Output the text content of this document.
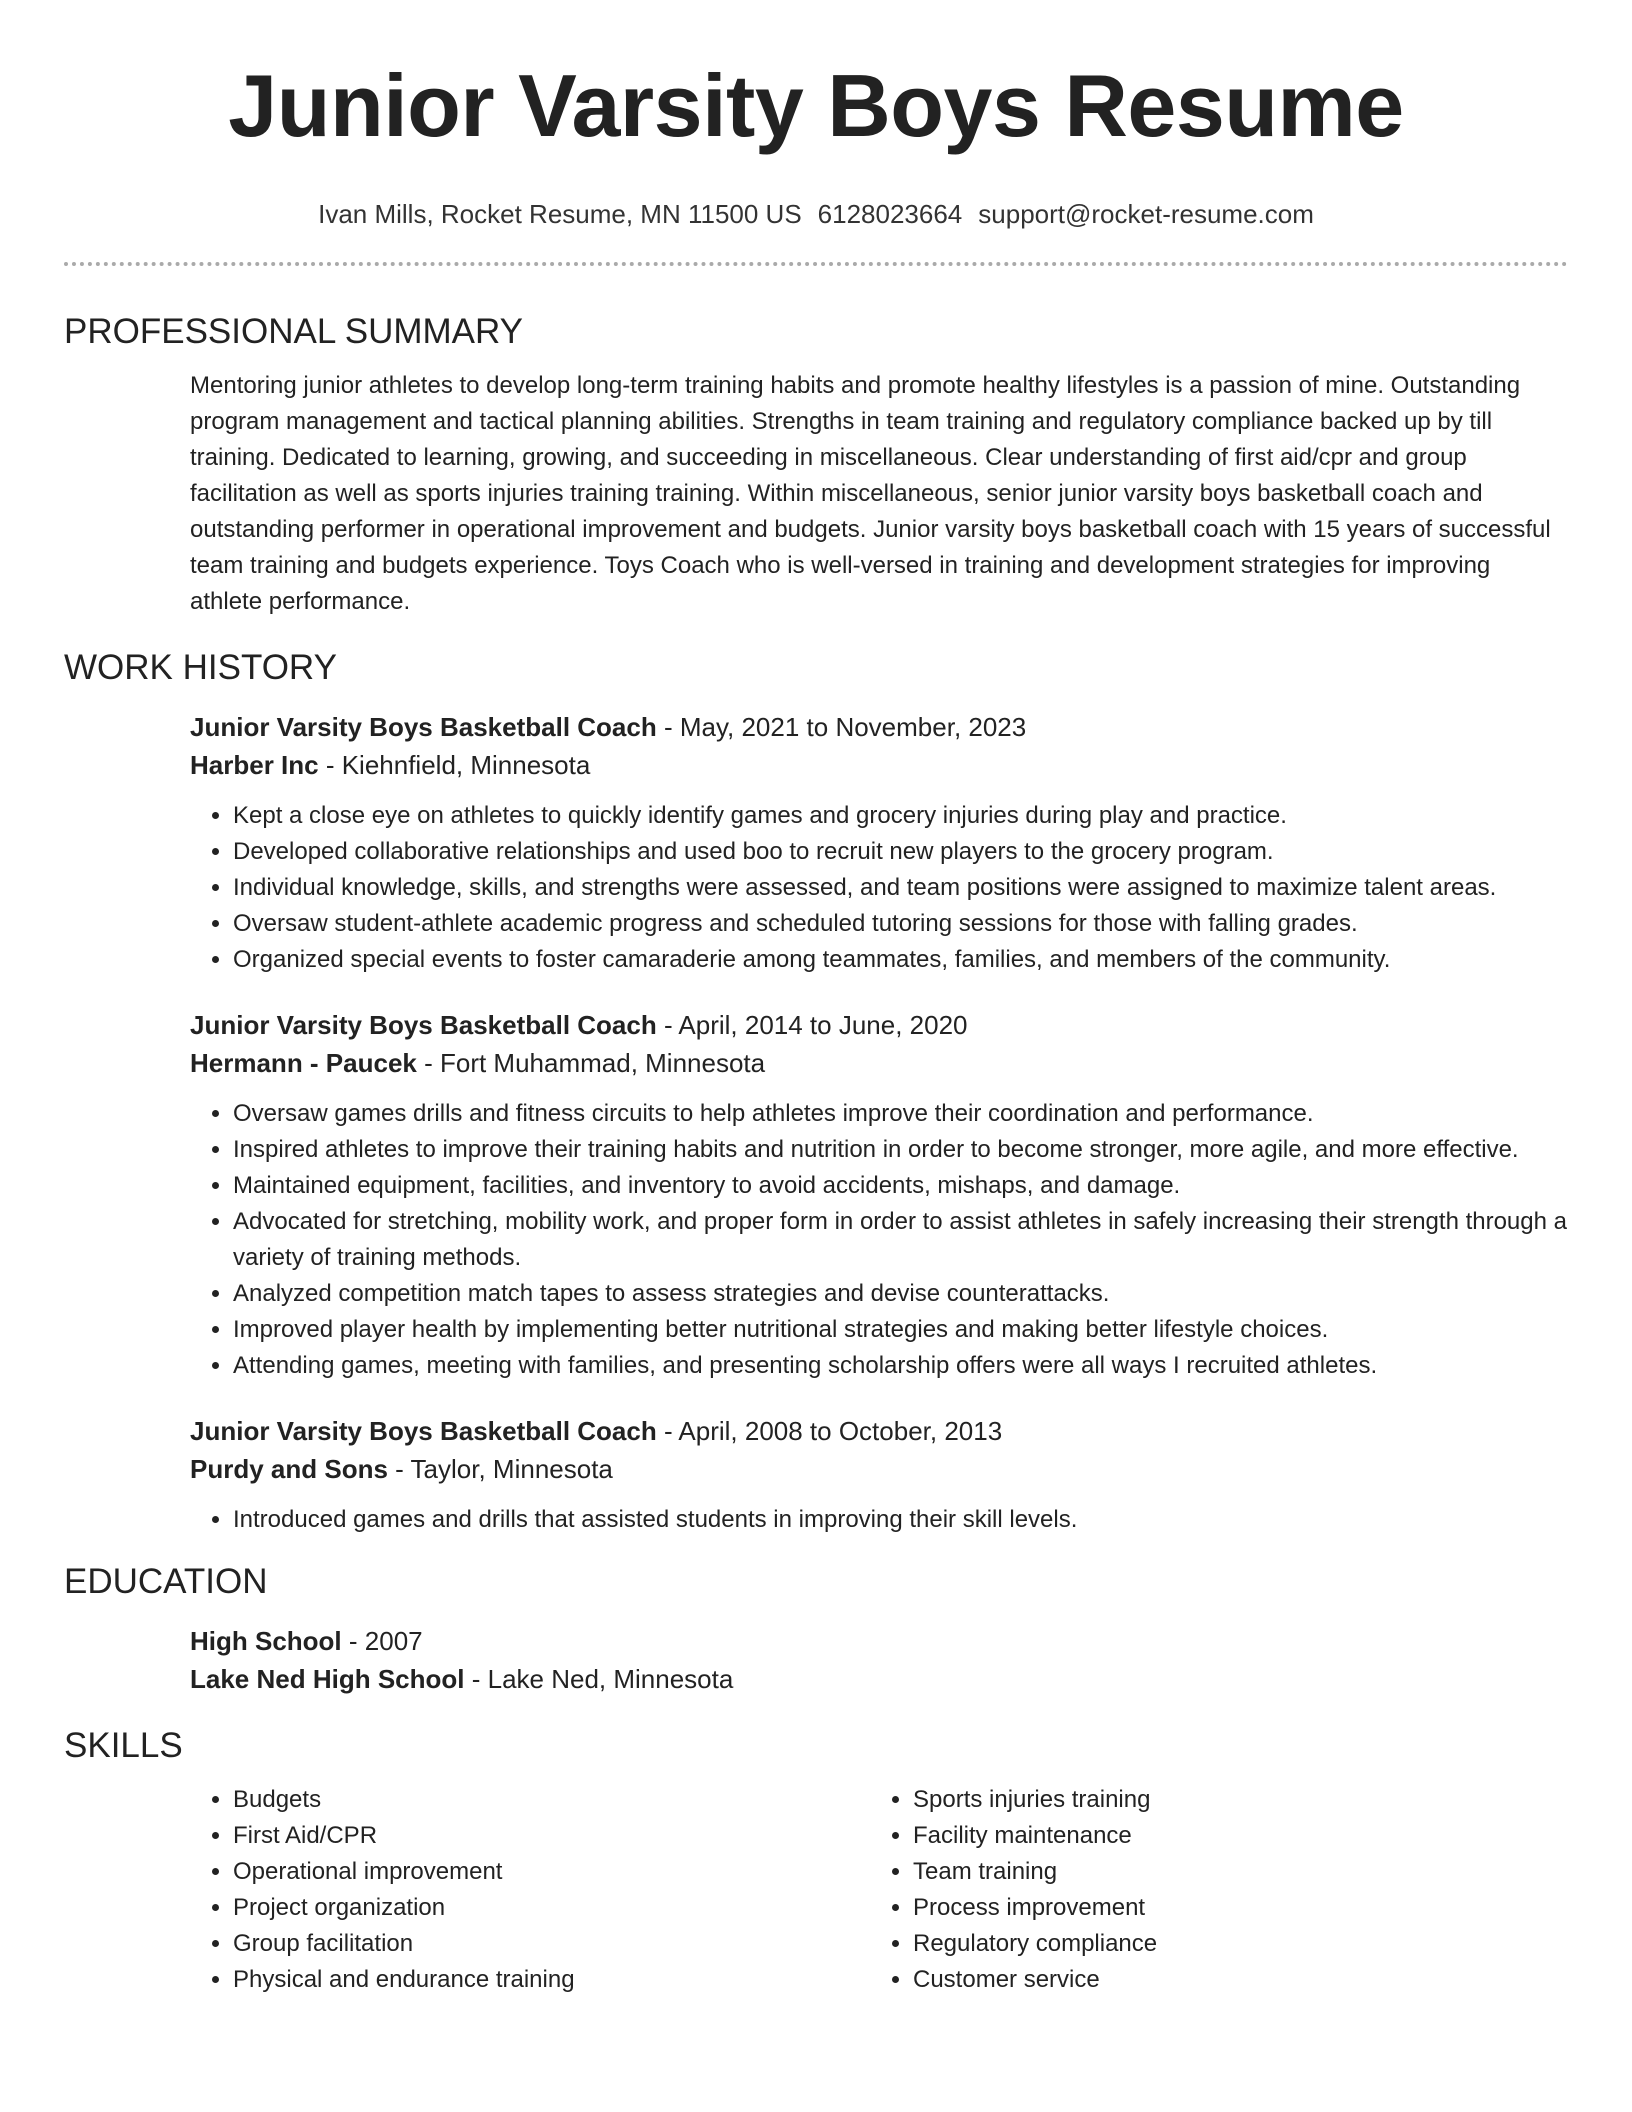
Junior Varsity Boys Resume
Ivan Mills, Rocket Resume, MN 11500 US 6128023664 support@rocket-resume.com
PROFESSIONAL SUMMARY

Mentoring junior athletes to develop long-term training habits and promote healthy lifestyles is a passion of mine. Outstanding program management and tactical planning abilities. Strengths in team training and regulatory compliance backed up by till training. Dedicated to learning, growing, and succeeding in miscellaneous. Clear understanding of first aid/cpr and group facilitation as well as sports injuries training training. Within miscellaneous, senior junior varsity boys basketball coach and outstanding performer in operational improvement and budgets. Junior varsity boys basketball coach with 15 years of successful team training and budgets experience. Toys Coach who is well-versed in training and development strategies for improving athlete performance.

WORK HISTORY

Junior Varsity Boys Basketball Coach - May, 2021 to November, 2023

Harber Inc - Kiehnfield, Minnesota

• Kept a close eye on athletes to quickly identify games and grocery injuries during play and practice.
• Developed collaborative relationships and used boo to recruit new players to the grocery program.
• Individual knowledge, skills, and strengths were assessed, and team positions were assigned to maximize talent areas.
• Oversaw student-athlete academic progress and scheduled tutoring sessions for those with falling grades.
• Organized special events to foster camaraderie among teammates, families, and members of the community.

Junior Varsity Boys Basketball Coach - April, 2014 to June, 2020

Hermann - Paucek - Fort Muhammad, Minnesota

• Oversaw games drills and fitness circuits to help athletes improve their coordination and performance.
• Inspired athletes to improve their training habits and nutrition in order to become stronger, more agile, and more effective.
• Maintained equipment, facilities, and inventory to avoid accidents, mishaps, and damage.
• Advocated for stretching, mobility work, and proper form in order to assist athletes in safely increasing their strength through a variety of training methods.
• Analyzed competition match tapes to assess strategies and devise counterattacks.
• Improved player health by implementing better nutritional strategies and making better lifestyle choices.
• Attending games, meeting with families, and presenting scholarship offers were all ways I recruited athletes.

Junior Varsity Boys Basketball Coach - April, 2008 to October, 2013

Purdy and Sons - Taylor, Minnesota

• Introduced games and drills that assisted students in improving their skill levels.
EDUCATION

High School - 2007

Lake Ned High School - Lake Ned, Minnesota

SKILLS
• Budgets
• First Aid/CPR
• Operational improvement
• Project organization
• Group facilitation
• Physical and endurance training
• Sports injuries training
• Facility maintenance
• Team training
• Process improvement
• Regulatory compliance
• Customer service
